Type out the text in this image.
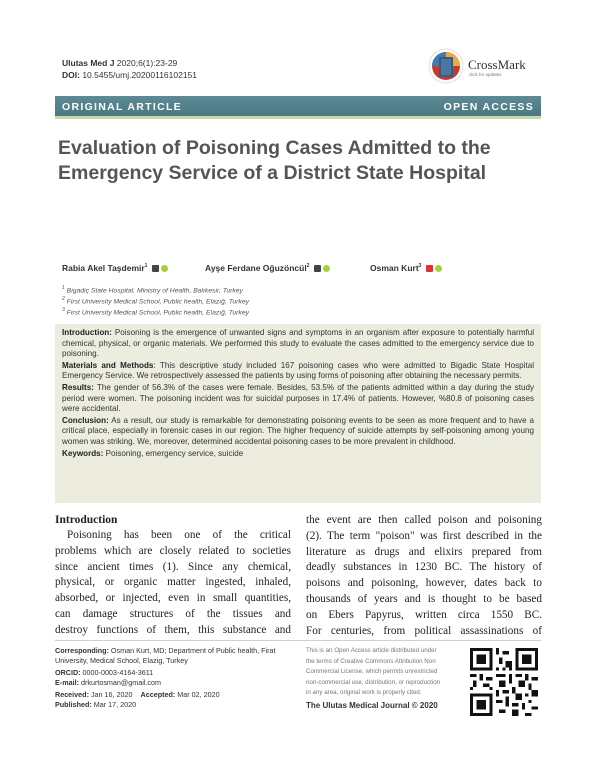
Ulutas Med J 2020;6(1):23-29
DOI: 10.5455/umj.20200116102151
CrossMark
click for updates
ORIGINAL ARTICLE	OPEN ACCESS
Evaluation of Poisoning Cases Admitted to the Emergency Service of a District State Hospital
Rabia Akel Taşdemir$^1$	Ayşe Ferdane Oğuzöncül$^2$	Osman Kurt$^3$
$^1$ Bigadiç State Hospital, Ministry of Health, Balıkesir, Turkey
$^2$ First University Medical School, Public health, Elazığ, Turkey
$^3$ First University Medical School, Public health, Elazığ, Turkey

Introduction: Poisoning is the emergence of unwanted signs and symptoms in an organism after exposure to potentially harmful chemical, physical, or organic materials. We performed this study to evaluate the cases admitted to the emergency service due to poisoning.

Materials and Methods: This descriptive study included 167 poisoning cases who were admitted to Bigadic State Hospital Emergency Service. We retrospectively assessed the patients by using forms of poisoning after obtaining the necessary permits.

Results: The gender of 56.3% of the cases were female. Besides, 53.5% of the patients admitted within a day during the study period were women. The poisoning incident was for suicidal purposes in 17.4% of patients. However, %80.8 of poisoning cases were accidental.

Conclusion: As a result, our study is remarkable for demonstrating poisoning events to be seen as more frequent and to have a critical place, especially in forensic cases in our region. The higher frequency of suicide attempts by self-poisoning among young women was striking. We, moreover, determined accidental poisoning cases to be more prevalent in childhood.

Keywords: Poisoning, emergency service, suicide

Introduction
Poisoning has been one of the critical
problems which are closely related to societies
since ancient times (1). Since any chemical,
physical, or organic matter ingested, inhaled,
absorbed, or injected, even in small quantities,
can damage structures of the tissues and
destroy functions of them, this substance and
the event are then called poison and poisoning
(2). The term "poison" was first described in the
literature as drugs and elixirs prepared from
deadly substances in 1230 BC. The history of
poisons and poisoning, however, dates back to
thousands of years and is thought to be based
on Ebers Papyrus, written circa 1550 BC.
For centuries, from political assassinations of
Corresponding: Osman Kurt, MD; Department of Public health, Firat University, Medical School, Elazig, Turkey
ORCID: 0000-0003-4164-3611
E-mail: drkurtosman@gmail.com
Received: Jan 16, 2020 Accepted: Mar 02, 2020
Published: Mar 17, 2020
This is an Open Access article distributed under
the terms of Creative Commons Attribution Non
Commercial License, which permits unrestricted
non-commercial use, distribution, or reproduction
in any area, original work is properly cited.
The Ulutas Medical Journal © 2020
